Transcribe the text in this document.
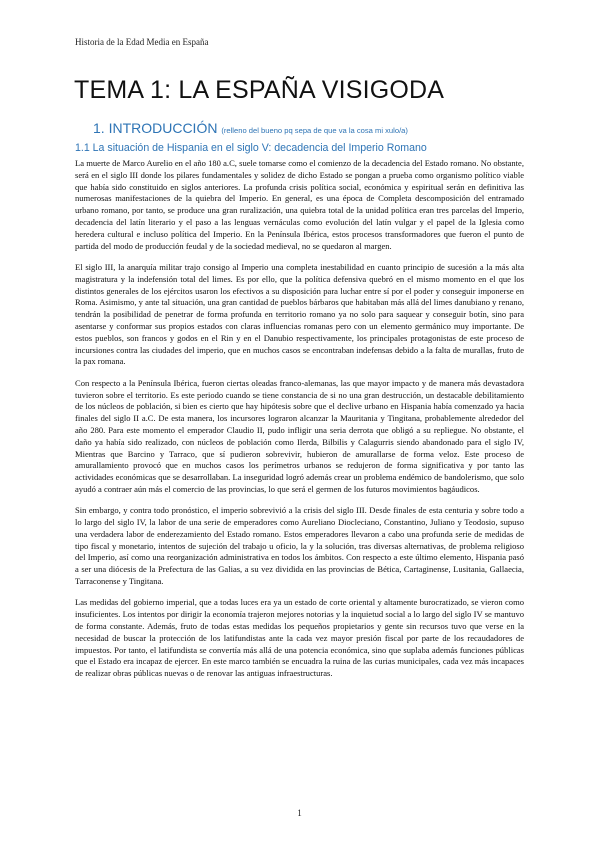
Historia de la Edad Media en España
TEMA 1: LA ESPAÑA VISIGODA
1. INTRODUCCIÓN (relleno del bueno pq sepa de que va la cosa mi xulo/a)
1.1 La situación de Hispania en el siglo V: decadencia del Imperio Romano

La muerte de Marco Aurelio en el año 180 a.C, suele tomarse como el comienzo de la decadencia del Estado romano. No obstante, será en el siglo III donde los pilares fundamentales y solidez de dicho Estado se pongan a prueba como organismo político viable que había sido constituido en siglos anteriores. La profunda crisis política social, económica y espiritual serán en definitiva las numerosas manifestaciones de la quiebra del Imperio. En general, es una época de Completa descomposición del entramado urbano romano, por tanto, se produce una gran ruralización, una quiebra total de la unidad política eran tres parcelas del Imperio, decadencia del latín literario y el paso a las lenguas vernáculas como evolución del latín vulgar y el papel de la Iglesia como heredera cultural e incluso política del Imperio. En la Península Ibérica, estos procesos transformadores que fueron el punto de partida del modo de producción feudal y de la sociedad medieval, no se quedaron al margen.

El siglo III, la anarquía militar trajo consigo al Imperio una completa inestabilidad en cuanto principio de sucesión a la más alta magistratura y la indefensión total del limes. Es por ello, que la política defensiva quebró en el mismo momento en el que los distintos generales de los ejércitos usaron los efectivos a su disposición para luchar entre sí por el poder y conseguir imponerse en Roma. Asimismo, y ante tal situación, una gran cantidad de pueblos bárbaros que habitaban más allá del limes danubiano y renano, tendrán la posibilidad de penetrar de forma profunda en territorio romano ya no solo para saquear y conseguir botín, sino para asentarse y conformar sus propios estados con claras influencias romanas pero con un elemento germánico muy importante. De estos pueblos, son francos y godos en el Rin y en el Danubio respectivamente, los principales protagonistas de este proceso de incursiones contra las ciudades del imperio, que en muchos casos se encontraban indefensas debido a la falta de murallas, fruto de la pax romana.

Con respecto a la Península Ibérica, fueron ciertas oleadas franco-alemanas, las que mayor impacto y de manera más devastadora tuvieron sobre el territorio. Es este periodo cuando se tiene constancia de si no una gran destrucción, un destacable debilitamiento de los núcleos de población, si bien es cierto que hay hipótesis sobre que el declive urbano en Hispania había comenzado ya hacia finales del siglo II a.C. De esta manera, los incursores lograron alcanzar la Mauritania y Tingitana, probablemente alrededor del año 280. Para este momento el emperador Claudio II, pudo infligir una seria derrota que obligó a su repliegue. No obstante, el daño ya había sido realizado, con núcleos de población como Ilerda, Bilbilis y Calagurris siendo abandonado para el siglo IV, Mientras que Barcino y Tarraco, que sí pudieron sobrevivir, hubieron de amurallarse de forma veloz. Este proceso de amurallamiento provocó que en muchos casos los perímetros urbanos se redujeron de forma significativa y por tanto las actividades económicas que se desarrollaban. La inseguridad logró además crear un problema endémico de bandolerismo, que solo ayudó a contraer aún más el comercio de las provincias, lo que será el germen de los futuros movimientos bagáudicos.

Sin embargo, y contra todo pronóstico, el imperio sobrevivió a la crisis del siglo III. Desde finales de esta centuria y sobre todo a lo largo del siglo IV, la labor de una serie de emperadores como Aureliano Diocleciano, Constantino, Juliano y Teodosio, supuso una verdadera labor de enderezamiento del Estado romano. Estos emperadores llevaron a cabo una profunda serie de medidas de tipo fiscal y monetario, intentos de sujeción del trabajo u oficio, la y la solución, tras diversas alternativas, de problema religioso del Imperio, así como una reorganización administrativa en todos los ámbitos. Con respecto a este último elemento, Hispania pasó a ser una diócesis de la Prefectura de las Galias, a su vez dividida en las provincias de Bética, Cartaginense, Lusitania, Gallaecia, Tarraconense y Tingitana.

Las medidas del gobierno imperial, que a todas luces era ya un estado de corte oriental y altamente burocratizado, se vieron como insuficientes. Los intentos por dirigir la economía trajeron mejores notorias y la inquietud social a lo largo del siglo IV se mantuvo de forma constante. Además, fruto de todas estas medidas los pequeños propietarios y gente sin recursos tuvo que verse en la necesidad de buscar la protección de los latifundistas ante la cada vez mayor presión fiscal por parte de los recaudadores de impuestos. Por tanto, el latifundista se convertía más allá de una potencia económica, sino que suplaba además funciones públicas que el Estado era incapaz de ejercer. En este marco también se encuadra la ruina de las curias municipales, cada vez más incapaces de realizar obras públicas nuevas o de renovar las antiguas infraestructuras.

1
